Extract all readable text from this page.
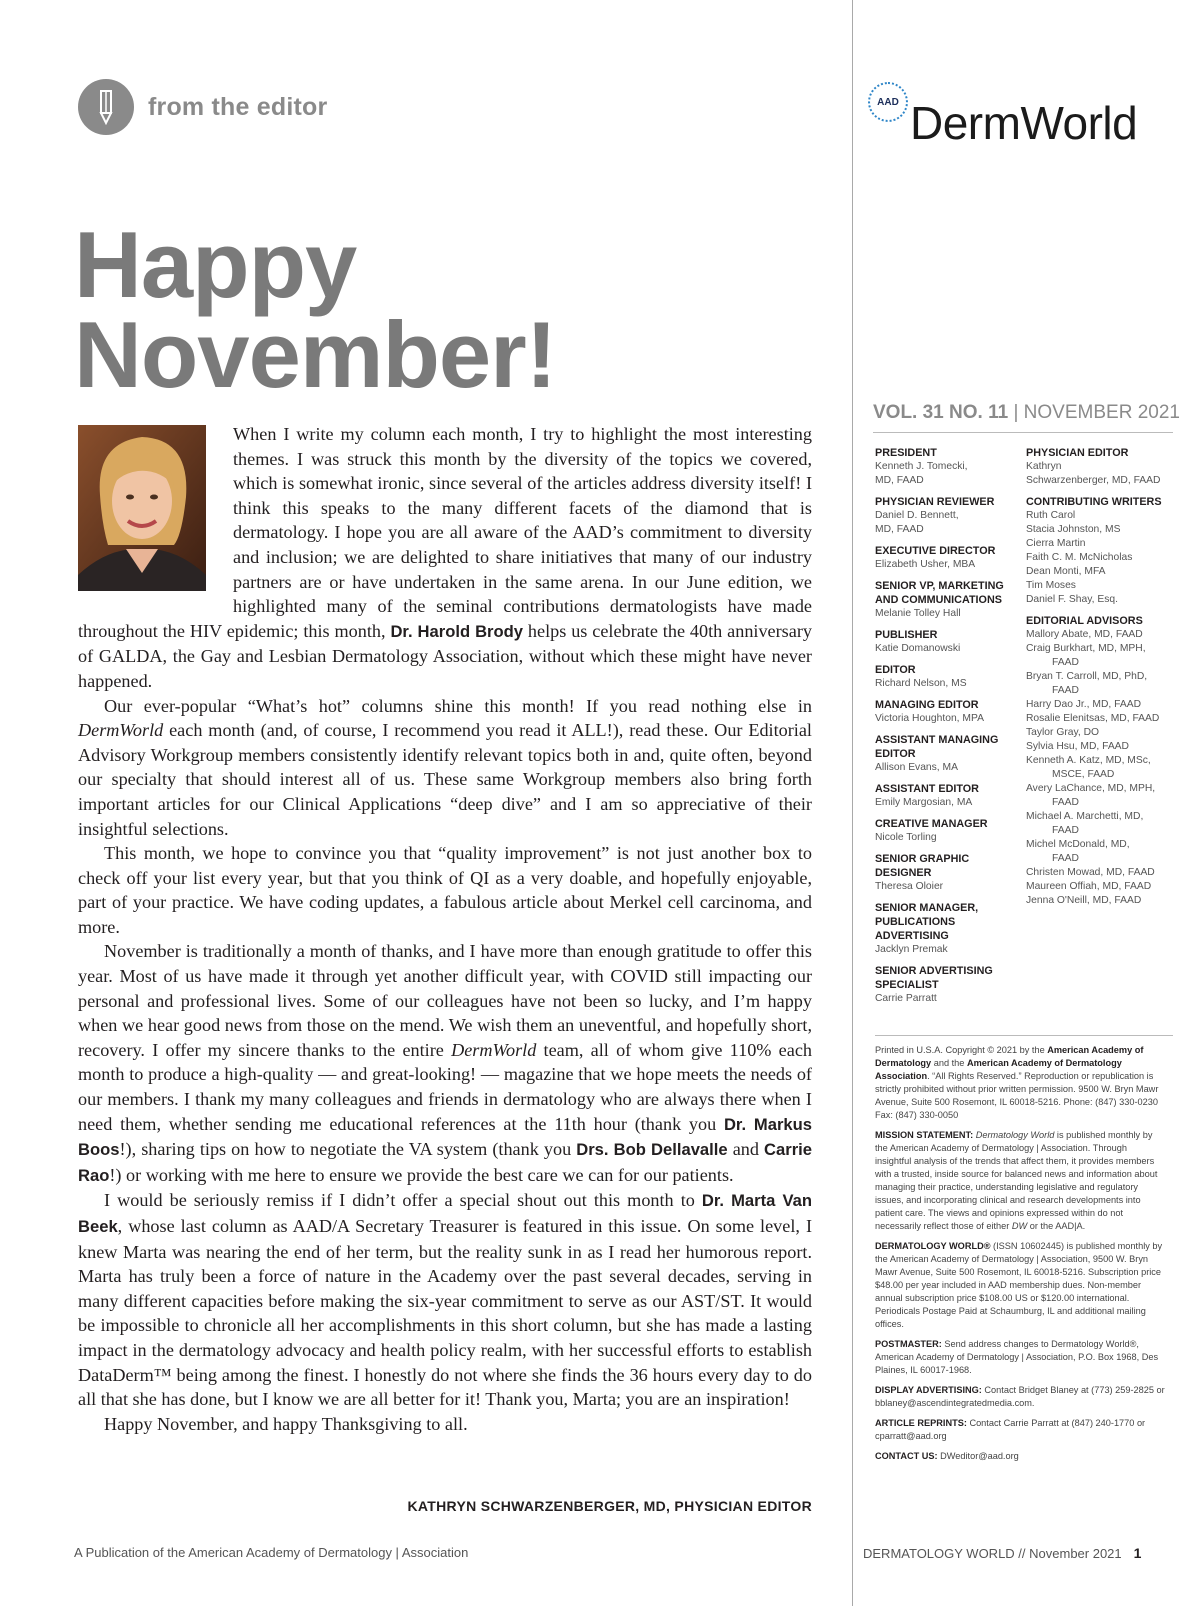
from the editor	AAD DermWorld
Happy
November!

When I write my column each month, I try to highlight the most interesting themes. I was struck this month by the diversity of the topics we covered, which is somewhat ironic, since several of the articles address diversity itself! I think this speaks to the many different facets of the diamond that is dermatology. I hope you are all aware of the AAD’s commitment to diversity and inclusion; we are delighted to share initiatives that many of our industry partners are or have undertaken in the same arena. In our June edition, we highlighted many of the seminal contributions dermatologists have made throughout the HIV epidemic; this month, Dr. Harold Brody helps us celebrate the 40th anniversary of GALDA, the Gay and Lesbian Dermatology Association, without which these might have never happened.

Our ever-popular “What’s hot” columns shine this month! If you read nothing else in DermWorld each month (and, of course, I recommend you read it ALL!), read these. Our Editorial Advisory Workgroup members consistently identify relevant topics both in and, quite often, beyond our specialty that should interest all of us. These same Workgroup members also bring forth important articles for our Clinical Applications “deep dive” and I am so appreciative of their insightful selections.

This month, we hope to convince you that “quality improvement” is not just another box to check off your list every year, but that you think of QI as a very doable, and hopefully enjoyable, part of your practice. We have coding updates, a fabulous article about Merkel cell carcinoma, and more.

November is traditionally a month of thanks, and I have more than enough gratitude to offer this year. Most of us have made it through yet another difficult year, with COVID still impacting our personal and professional lives. Some of our colleagues have not been so lucky, and I’m happy when we hear good news from those on the mend. We wish them an uneventful, and hopefully short, recovery. I offer my sincere thanks to the entire DermWorld team, all of whom give 110% each month to produce a high-quality — and great-looking! — magazine that we hope meets the needs of our members. I thank my many colleagues and friends in dermatology who are always there when I need them, whether sending me educational references at the 11th hour (thank you Dr. Markus Boos!), sharing tips on how to negotiate the VA system (thank you Drs. Bob Dellavalle and Carrie Rao!) or working with me here to ensure we provide the best care we can for our patients.

I would be seriously remiss if I didn’t offer a special shout out this month to Dr. Marta Van Beek, whose last column as AAD/A Secretary Treasurer is featured in this issue. On some level, I knew Marta was nearing the end of her term, but the reality sunk in as I read her humorous report. Marta has truly been a force of nature in the Academy over the past several decades, serving in many different capacities before making the six-year commitment to serve as our AST/ST. It would be impossible to chronicle all her accomplishments in this short column, but she has made a lasting impact in the dermatology advocacy and health policy realm, with her successful efforts to establish DataDerm™ being among the finest. I honestly do not where she finds the 36 hours every day to do all that she has done, but I know we are all better for it! Thank you, Marta; you are an inspiration!

Happy November, and happy Thanksgiving to all.

KATHRYN SCHWARZENBERGER, MD, PHYSICIAN EDITOR
VOL. 31 NO. 11 | NOVEMBER 2021
PRESIDENT
Kenneth J. Tomecki,
MD, FAAD
PHYSICIAN REVIEWER
Daniel D. Bennett,
MD, FAAD
EXECUTIVE DIRECTOR
Elizabeth Usher, MBA
SENIOR VP, MARKETING AND COMMUNICATIONS
Melanie Tolley Hall
PUBLISHER
Katie Domanowski
EDITOR
Richard Nelson, MS
MANAGING EDITOR
Victoria Houghton, MPA
ASSISTANT MANAGING EDITOR
Allison Evans, MA
ASSISTANT EDITOR
Emily Margosian, MA
CREATIVE MANAGER
Nicole Torling
SENIOR GRAPHIC DESIGNER
Theresa Oloier
SENIOR MANAGER, PUBLICATIONS ADVERTISING
Jacklyn Premak
SENIOR ADVERTISING SPECIALIST
Carrie Parratt
PHYSICIAN EDITOR
Kathryn
Schwarzenberger, MD, FAAD
CONTRIBUTING WRITERS
Ruth Carol
Stacia Johnston, MS
Cierra Martin
Faith C. M. McNicholas
Dean Monti, MFA
Tim Moses
Daniel F. Shay, Esq.
EDITORIAL ADVISORS
Mallory Abate, MD, FAAD
Craig Burkhart, MD, MPH,
FAAD
Bryan T. Carroll, MD, PhD,
FAAD
Harry Dao Jr., MD, FAAD
Rosalie Elenitsas, MD, FAAD
Taylor Gray, DO
Sylvia Hsu, MD, FAAD
Kenneth A. Katz, MD, MSc,
MSCE, FAAD
Avery LaChance, MD, MPH,
FAAD
Michael A. Marchetti, MD,
FAAD
Michel McDonald, MD,
FAAD
Christen Mowad, MD, FAAD
Maureen Offiah, MD, FAAD
Jenna O'Neill, MD, FAAD

Printed in U.S.A. Copyright © 2021 by the American Academy of Dermatology and the American Academy of Dermatology Association. “All Rights Reserved.” Reproduction or republication is strictly prohibited without prior written permission. 9500 W. Bryn Mawr Avenue, Suite 500 Rosemont, IL 60018-5216. Phone: (847) 330-0230 Fax: (847) 330-0050

MISSION STATEMENT: Dermatology World is published monthly by the American Academy of Dermatology | Association. Through insightful analysis of the trends that affect them, it provides members with a trusted, inside source for balanced news and information about managing their practice, understanding legislative and regulatory issues, and incorporating clinical and research developments into patient care. The views and opinions expressed within do not necessarily reflect those of either DW or the AAD|A.

DERMATOLOGY WORLD® (ISSN 10602445) is published monthly by the American Academy of Dermatology | Association, 9500 W. Bryn Mawr Avenue, Suite 500 Rosemont, IL 60018-5216. Subscription price $48.00 per year included in AAD membership dues. Non-member annual subscription price $108.00 US or $120.00 international. Periodicals Postage Paid at Schaumburg, IL and additional mailing offices.

POSTMASTER: Send address changes to Dermatology World®, American Academy of Dermatology | Association, P.O. Box 1968, Des Plaines, IL 60017-1968.

DISPLAY ADVERTISING: Contact Bridget Blaney at (773) 259-2825 or bblaney@ascendintegratedmedia.com.

ARTICLE REPRINTS: Contact Carrie Parratt at (847) 240-1770 or cparratt@aad.org

CONTACT US: DWeditor@aad.org

A Publication of the American Academy of Dermatology | Association	DERMATOLOGY WORLD // November 2021 1
